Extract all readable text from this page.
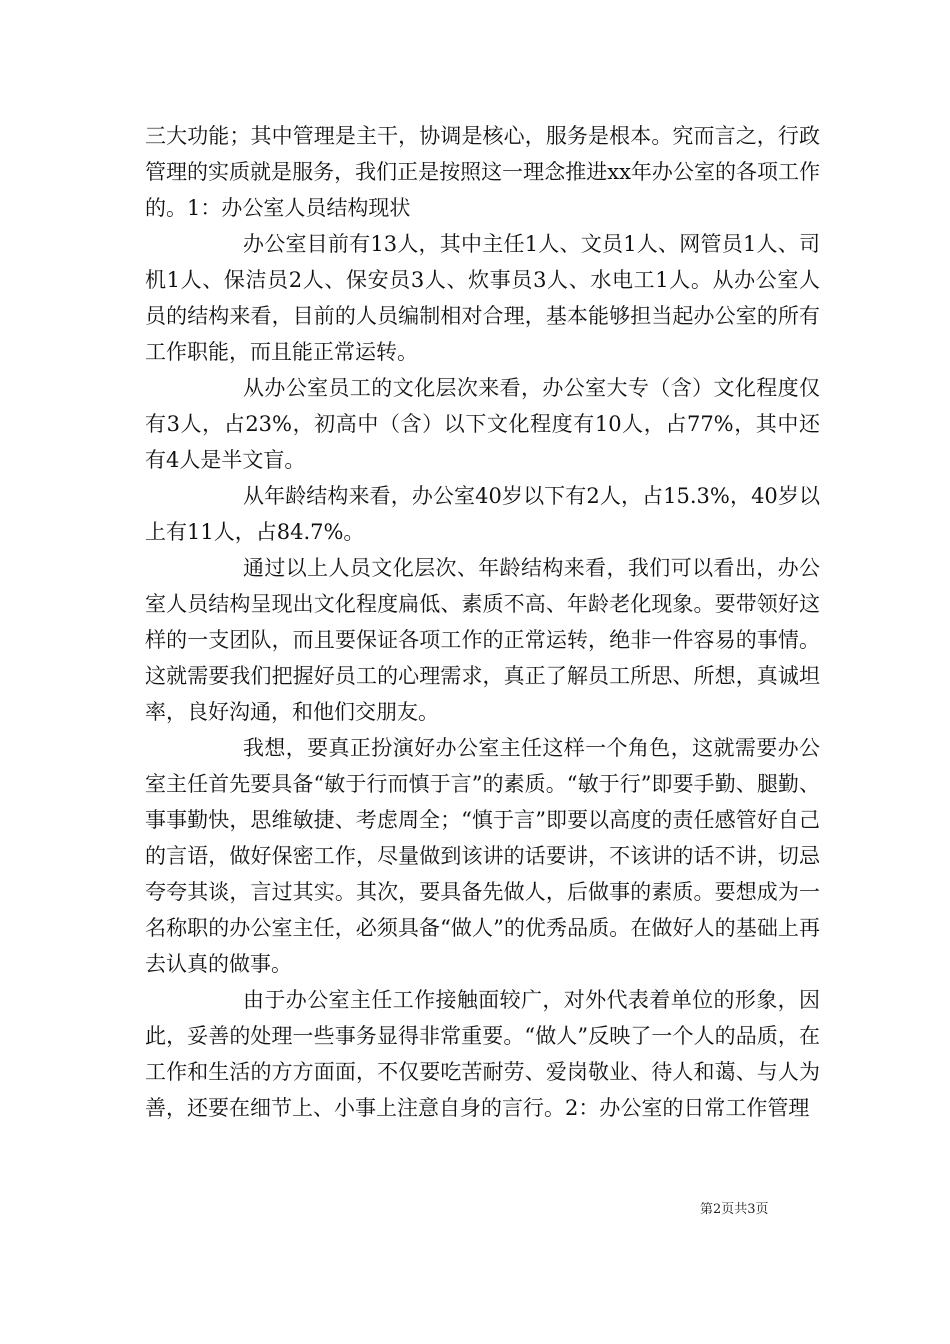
三大功能；其中管理是主干，协调是核心，服务是根本。究而言之，行政管理的实质就是服务，我们正是按照这一理念推进xx年办公室的各项工作的。1：办公室人员结构现状

办公室目前有13人，其中主任1人、文员1人、网管员1人、司机1人、保洁员2人、保安员3人、炊事员3人、水电工1人。从办公室人员的结构来看，目前的人员编制相对合理，基本能够担当起办公室的所有工作职能，而且能正常运转。

从办公室员工的文化层次来看，办公室大专（含）文化程度仅有3人，占23%，初高中（含）以下文化程度有10人，占77%，其中还有4人是半文盲。

从年龄结构来看，办公室40岁以下有2人，占15.3%，40岁以上有11人，占84.7%。

通过以上人员文化层次、年龄结构来看，我们可以看出，办公室人员结构呈现出文化程度扁低、素质不高、年龄老化现象。要带领好这样的一支团队，而且要保证各项工作的正常运转，绝非一件容易的事情。这就需要我们把握好员工的心理需求，真正了解员工所思、所想，真诚坦率，良好沟通，和他们交朋友。

我想，要真正扮演好办公室主任这样一个角色，这就需要办公室主任首先要具备“敏于行而慎于言”的素质。“敏于行”即要手勤、腿勤、事事勤快，思维敏捷、考虑周全；“慎于言”即要以高度的责任感管好自己的言语，做好保密工作，尽量做到该讲的话要讲，不该讲的话不讲，切忌夸夸其谈，言过其实。其次，要具备先做人，后做事的素质。要想成为一名称职的办公室主任，必须具备“做人”的优秀品质。在做好人的基础上再去认真的做事。

由于办公室主任工作接触面较广，对外代表着单位的形象，因此，妥善的处理一些事务显得非常重要。“做人”反映了一个人的品质，在工作和生活的方方面面，不仅要吃苦耐劳、爱岗敬业、待人和蔼、与人为善，还要在细节上、小事上注意自身的言行。2：办公室的日常工作管理

第2页共3页
